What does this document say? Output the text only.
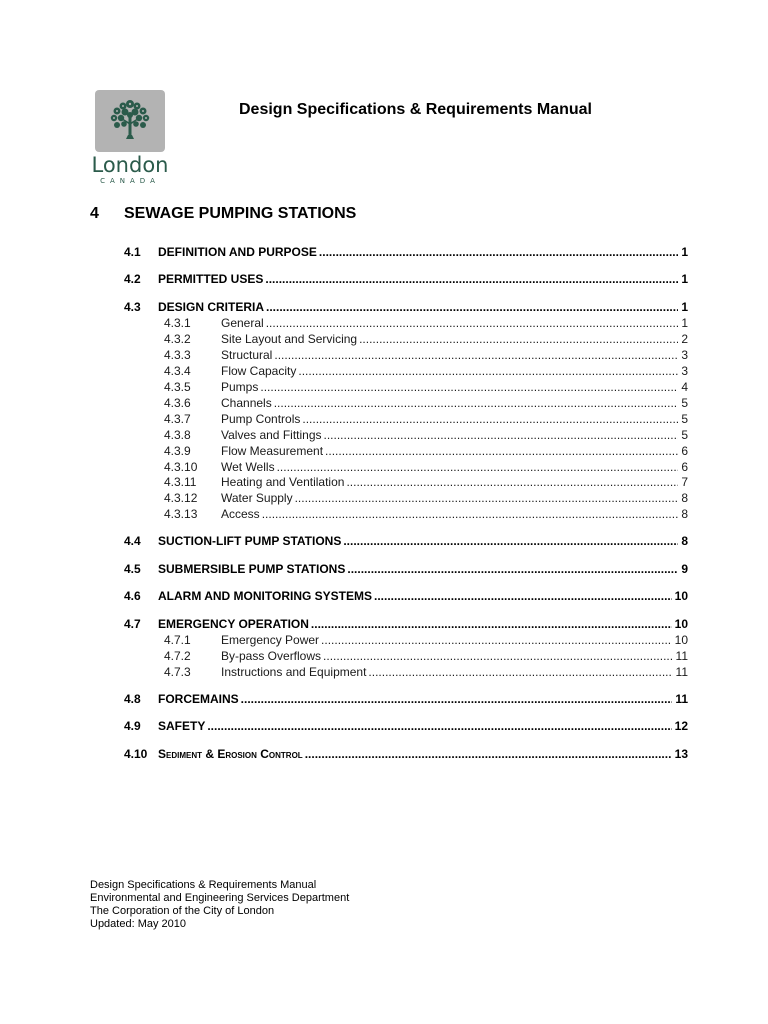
London
CANADA
Design Specifications & Requirements Manual
4 SEWAGE PUMPING STATIONS
4.1	DEFINITION AND PURPOSE .....	1
4.2	PERMITTED USES .....	1
4.3	DESIGN CRITERIA .....	1
4.3.1	General .....	1
4.3.2	Site Layout and Servicing .....	2
4.3.3	Structural .....	3
4.3.4	Flow Capacity .....	3
4.3.5	Pumps .....	4
4.3.6	Channels .....	5
4.3.7	Pump Controls .....	5
4.3.8	Valves and Fittings .....	5
4.3.9	Flow Measurement .....	6
4.3.10	Wet Wells .....	6
4.3.11	Heating and Ventilation .....	7
4.3.12	Water Supply .....	8
4.3.13	Access .....	8
4.4	SUCTION-LIFT PUMP STATIONS .....	8
4.5	SUBMERSIBLE PUMP STATIONS .....	9
4.6	ALARM AND MONITORING SYSTEMS .....	10
4.7	EMERGENCY OPERATION .....	10
4.7.1	Emergency Power .....	10
4.7.2	By-pass Overflows .....	11
4.7.3	Instructions and Equipment .....	11
4.8	FORCEMAINS .....	11
4.9	SAFETY .....	12
4.10 Sediment & Erosion Control .....	13
Design Specifications & Requirements Manual
Environmental and Engineering Services Department
The Corporation of the City of London
Updated: May 2010
